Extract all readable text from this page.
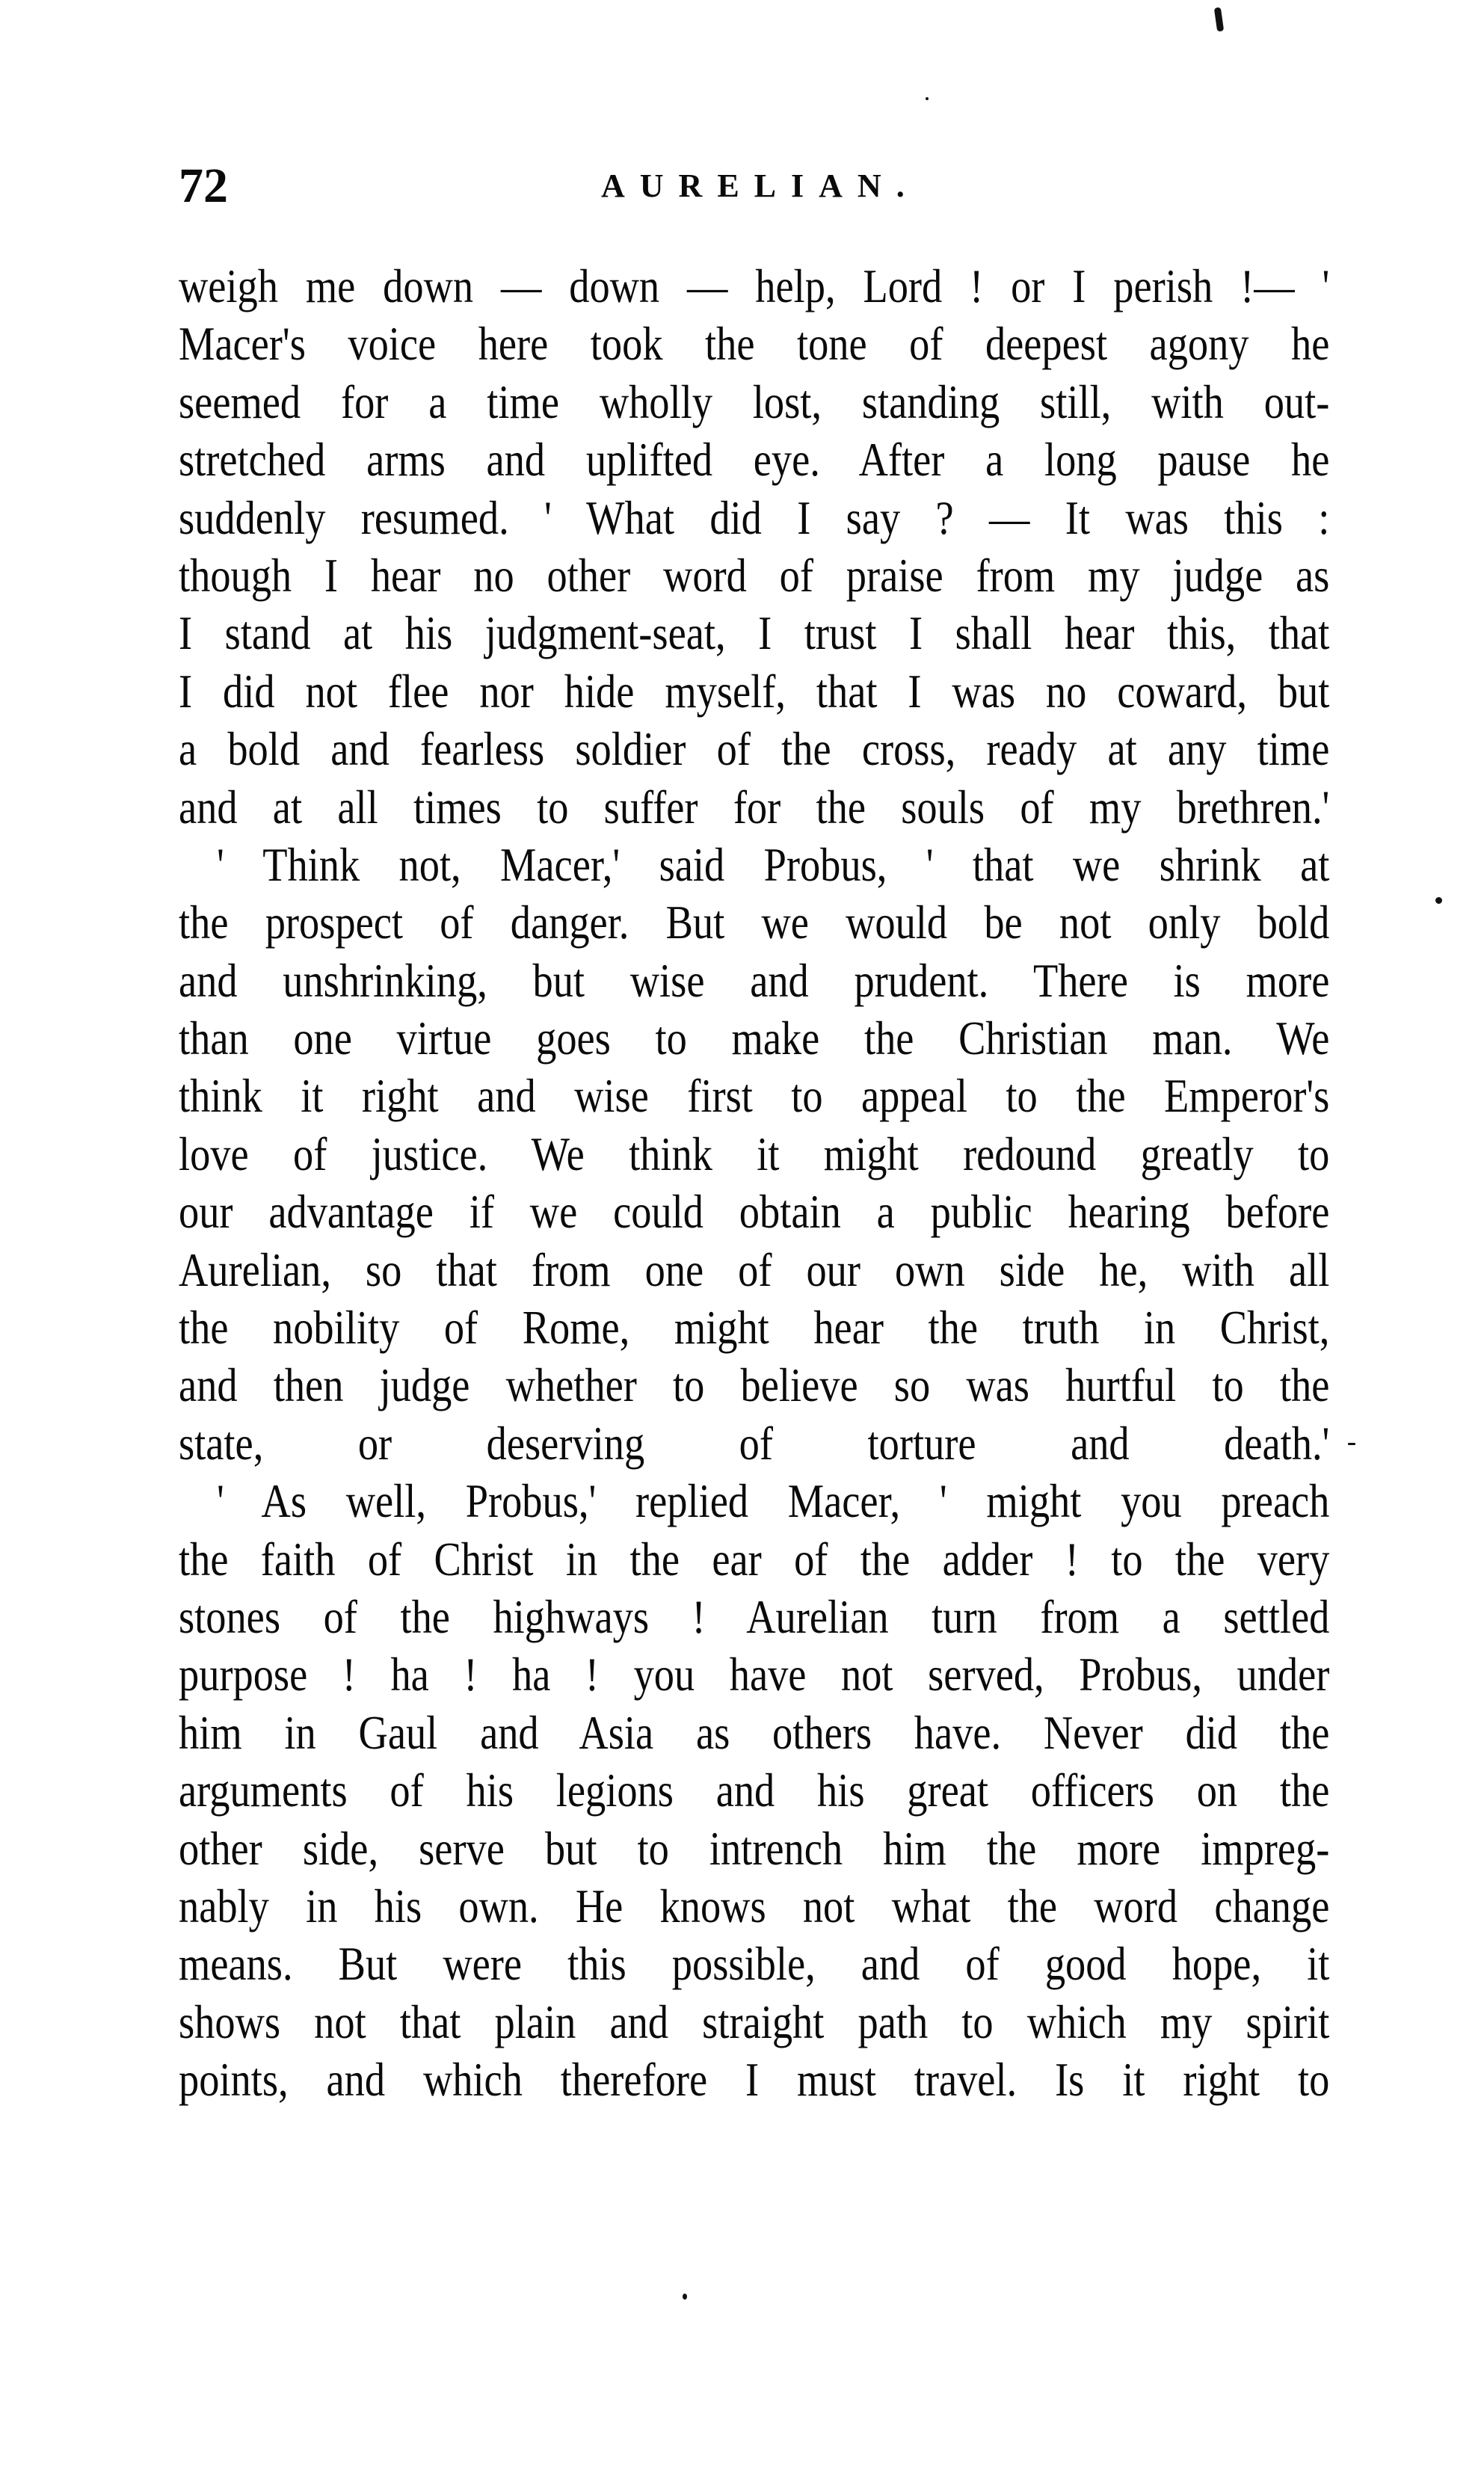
72	AURELIAN.
weigh me down — down — help, Lord ! or I perish !— '
Macer's voice here took the tone of deepest agony he
seemed for a time wholly lost, standing still, with out-
stretched arms and uplifted eye. After a long pause he
suddenly resumed. ' What did I say ? — It was this :
though I hear no other word of praise from my judge as
I stand at his judgment-seat, I trust I shall hear this, that
I did not flee nor hide myself, that I was no coward, but
a bold and fearless soldier of the cross, ready at any time
and at all times to suffer for the souls of my brethren.'
' Think not, Macer,' said Probus, ' that we shrink at
the prospect of danger. But we would be not only bold
and unshrinking, but wise and prudent. There is more
than one virtue goes to make the Christian man. We
think it right and wise first to appeal to the Emperor's
love of justice. We think it might redound greatly to
our advantage if we could obtain a public hearing before
Aurelian, so that from one of our own side he, with all
the nobility of Rome, might hear the truth in Christ,
and then judge whether to believe so was hurtful to the
state, or deserving of torture and death.'
' As well, Probus,' replied Macer, ' might you preach
the faith of Christ in the ear of the adder ! to the very
stones of the highways ! Aurelian turn from a settled
purpose ! ha ! ha ! you have not served, Probus, under
him in Gaul and Asia as others have. Never did the
arguments of his legions and his great officers on the
other side, serve but to intrench him the more impreg-
nably in his own. He knows not what the word change
means. But were this possible, and of good hope, it
shows not that plain and straight path to which my spirit
points, and which therefore I must travel. Is it right to
